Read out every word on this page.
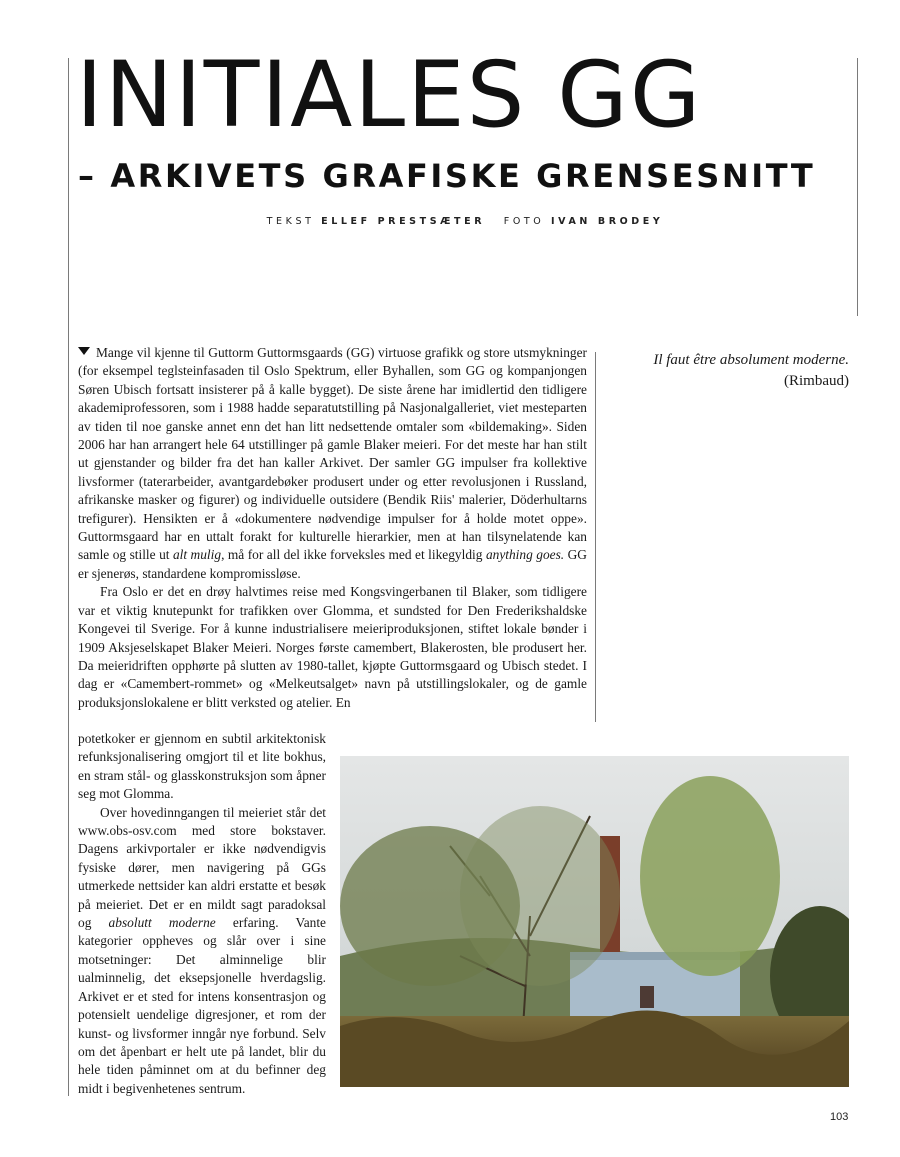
INITIALES GG
– ARKIVETS GRAFISKE GRENSESNITT
TEKST ELLEF PRESTSÆTER FOTO IVAN BRODEY

Mange vil kjenne til Guttorm Guttormsgaards (GG) virtuose grafikk og store utsmykninger (for eksempel teglsteinfasaden til Oslo Spektrum, eller Byhallen, som GG og kompanjongen Søren Ubisch fortsatt insisterer på å kalle bygget). De siste årene har imidlertid den tidligere akademiprofessoren, som i 1988 hadde separatutstilling på Nasjonalgalleriet, viet mesteparten av tiden til noe ganske annet enn det han litt nedsettende omtaler som «bildemaking». Siden 2006 har han arrangert hele 64 utstillinger på gamle Blaker meieri. For det meste har han stilt ut gjenstander og bilder fra det han kaller Arkivet. Der samler GG impulser fra kollektive livsformer (taterarbeider, avantgardebøker produsert under og etter revolusjonen i Russland, afrikanske masker og figurer) og individuelle outsidere (Bendik Riis' malerier, Döderhultarns trefigurer). Hensikten er å «dokumentere nødvendige impulser for å holde motet oppe». Guttormsgaard har en uttalt forakt for kulturelle hierarkier, men at han tilsynelatende kan samle og stille ut alt mulig, må for all del ikke forveksles med et likegyldig anything goes. GG er sjenerøs, standardene kompromissløse.

Fra Oslo er det en drøy halvtimes reise med Kongsvingerbanen til Blaker, som tidligere var et viktig knutepunkt for trafikken over Glomma, et sundsted for Den Frederikshaldske Kongevei til Sverige. For å kunne industrialisere meieriproduksjonen, stiftet lokale bønder i 1909 Aksjeselskapet Blaker Meieri. Norges første camembert, Blakerosten, ble produsert her. Da meieridriften opphørte på slutten av 1980-tallet, kjøpte Guttormsgaard og Ubisch stedet. I dag er «Camembert-rommet» og «Melkeutsalget» navn på utstillingslokaler, og de gamle produksjonslokalene er blitt verksted og atelier. En

potetkoker er gjennom en subtil arkitektonisk refunksjonalisering omgjort til et lite bokhus, en stram stål- og glasskonstruksjon som åpner seg mot Glomma.

Over hovedinngangen til meieriet står det www.obs-osv.com med store bokstaver. Dagens arkivportaler er ikke nødvendigvis fysiske dører, men navigering på GGs utmerkede nettsider kan aldri erstatte et besøk på meieriet. Det er en mildt sagt paradoksal og absolutt moderne erfaring. Vante kategorier oppheves og slår over i sine motsetninger: Det alminnelige blir ualminnelig, det eksepsjonelle hverdagslig. Arkivet er et sted for intens konsentrasjon og potensielt uendelige digresjoner, et rom der kunst- og livsformer inngår nye forbund. Selv om det åpenbart er helt ute på landet, blir du hele tiden påminnet om at du befinner deg midt i begivenhetenes sentrum.

Il faut être absolument moderne.
(Rimbaud)
103
